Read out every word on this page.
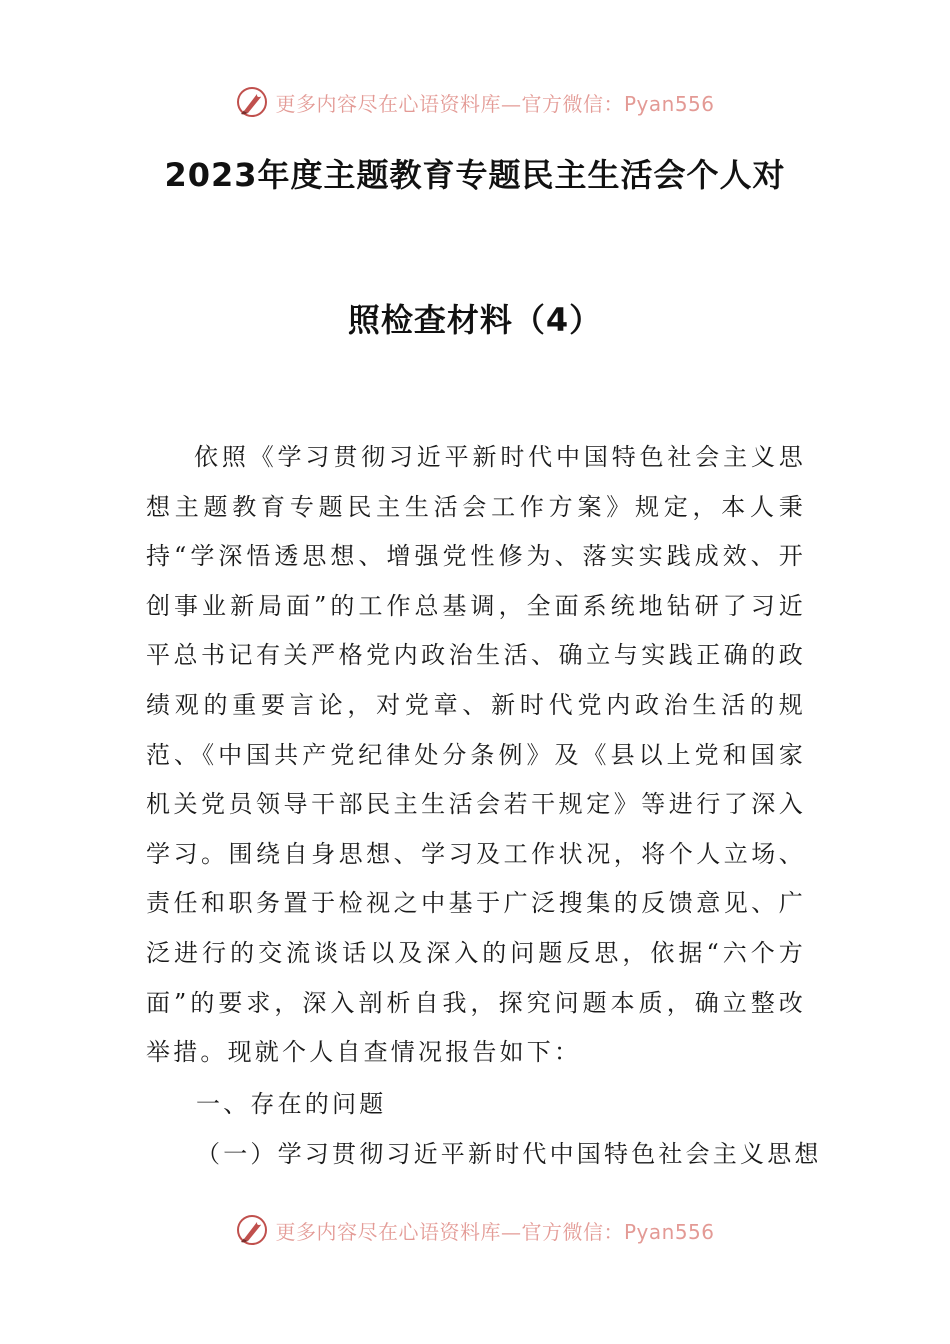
更多内容尽在心语资料库—官方微信：Pyan556
2023年度主题教育专题民主生活会个人对
照检查材料（4）

依照《学习贯彻习近平新时代中国特色社会主义思想主题教育专题民主生活会工作方案》规定，本人秉持“学深悟透思想、增强党性修为、落实实践成效、开创事业新局面”的工作总基调，全面系统地钻研了习近平总书记有关严格党内政治生活、确立与实践正确的政绩观的重要言论，对党章、新时代党内政治生活的规范、《中国共产党纪律处分条例》及《县以上党和国家机关党员领导干部民主生活会若干规定》等进行了深入学习。围绕自身思想、学习及工作状况，将个人立场、责任和职务置于检视之中基于广泛搜集的反馈意见、广泛进行的交流谈话以及深入的问题反思，依据“六个方面”的要求，深入剖析自我，探究问题本质，确立整改举措。现就个人自查情况报告如下：

一、存在的问题

（一）学习贯彻习近平新时代中国特色社会主义思想

更多内容尽在心语资料库—官方微信：Pyan556
